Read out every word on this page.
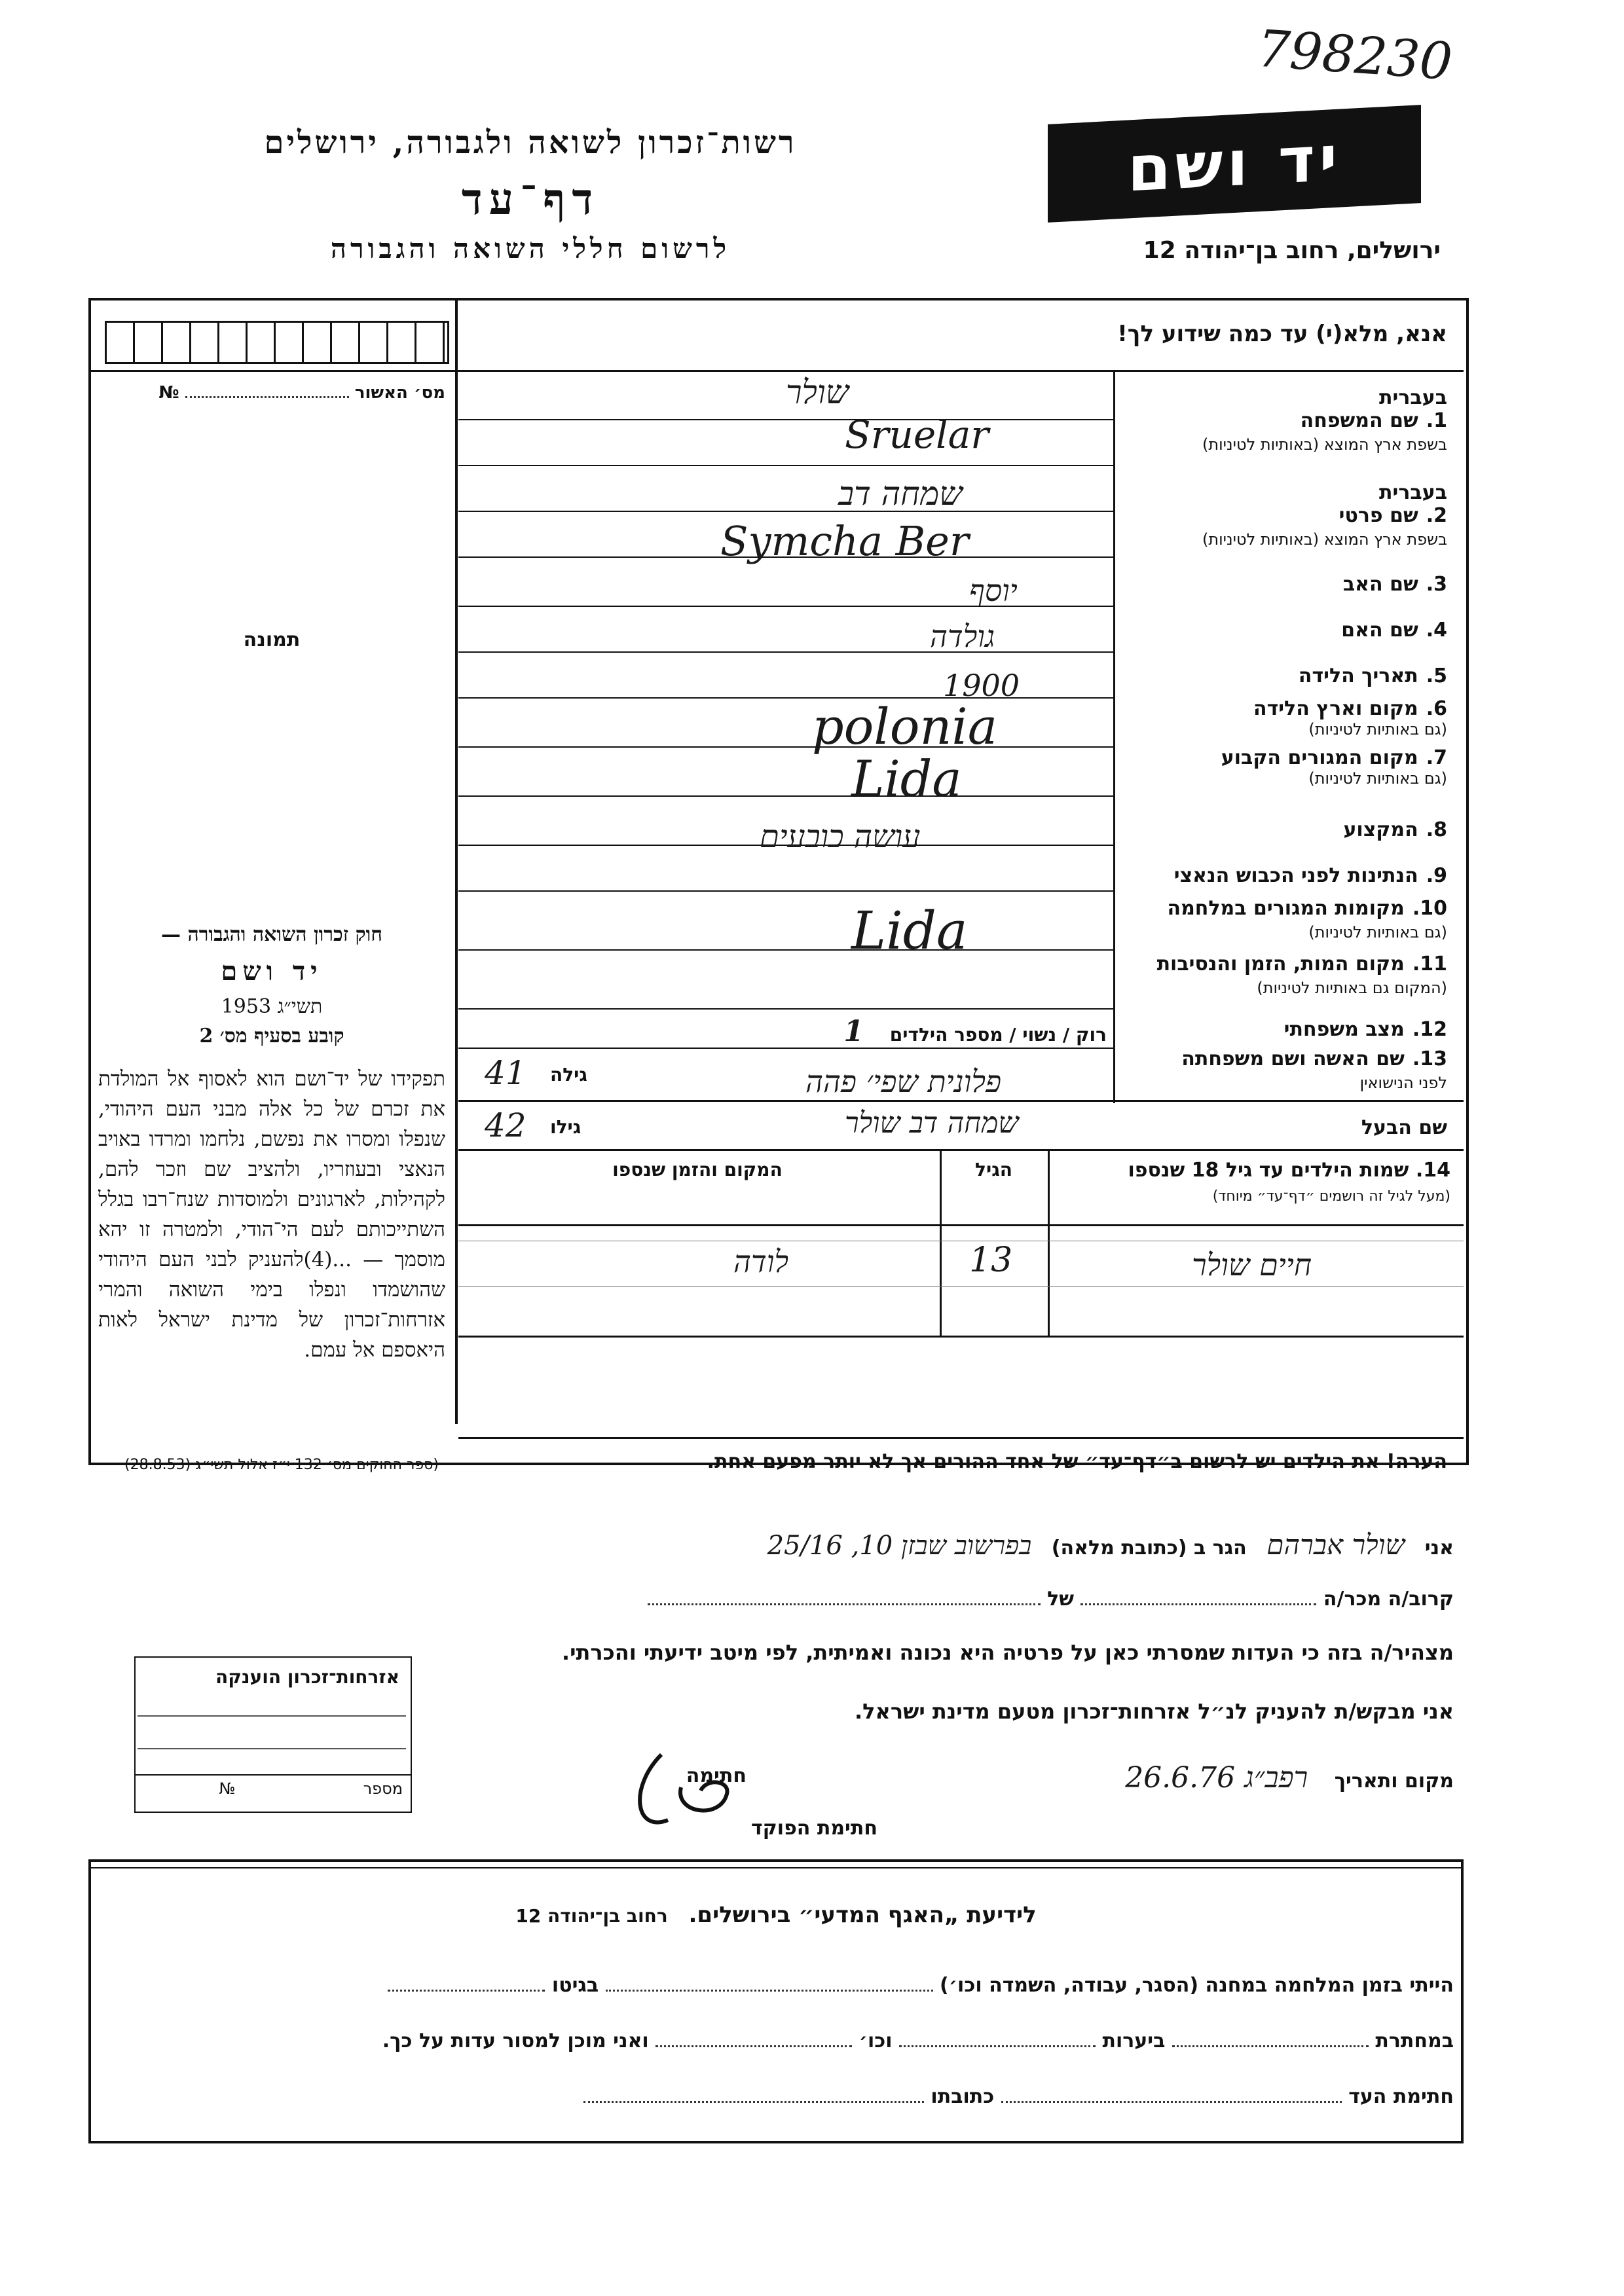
798230
רשות־זכרון לשואה ולגבורה, ירושלים
דף־עד
לרשום חללי השואה והגבורה
יד ושם
ירושלים, רחוב בן־יהודה 12
מס׳ האשור  №
תמונה
אנא, מלא(י) עד כמה שידוע לך!
בעברית
1.שם המשפחה
בשפת ארץ המוצא (באותיות לטיניות)
בעברית
2.שם פרטי
בשפת ארץ המוצא (באותיות לטיניות)
3.שם האב
4.שם האם
5.תאריך הלידה
6.מקום וארץ הלידה
(גם באותיות לטיניות)
7.מקום המגורים הקבוע
(גם באותיות לטיניות)
8.המקצוע
9.הנתינות לפני הכבוש הנאצי
10.מקומות המגורים במלחמה
(גם באותיות לטיניות)
11.מקום המות, הזמן והנסיבות
(המקום גם באותיות לטיניות)
12.מצב משפחתי
13.שם האשה ושם משפחתה
לפני הנישואין
שם הבעל
שולר
Sruelar
שמחה דב
Symcha Ber
יוסף
גולדה
1900
polonia
Lida
עושה כובעים
Lida
רוק / נשוי / מספר הילדים 1
גילה
41	פלונית שפי׳ פהה
גילו
42	שמחה דב שולר
14. שמות הילדים עד גיל 18 שנספו
(מעל לגיל זה רושמים ״דף־עד״ מיוחד)
הגיל
המקום והזמן שנספו
חיים שולר
13
לודה
הערה! את הילדים יש לרשום ב״דף־עד״ של אחד ההורים אך לא יותר מפעם אחת.
חוק זכרון השואה והגבורה —
יד ושם
תשי״ג 1953
קובע בסעיף מס׳ 2
תפקידו של יד־ושם הוא לאסוף אל המולדת את זכרם של כל אלה מבני העם היהודי, שנפלו ומסרו את נפשם, נלחמו ומרדו באויב הנאצי ובעוזריו, ולהציב שם וזכר להם, לקהילות, לארגונים ולמוסדות שנח־רבו בגלל השתייכותם לעם הי־הודי, ולמטרה זו יהא מוסמך — ...(4)להעניק לבני העם היהודי שהושמדו ונפלו בימי השואה והמרי אזרחות־זכרון של מדינת ישראל לאות היאספם אל עמם.
(ספר החוקים מס׳ 132 י״ז אלול תשי״ג (28.8.53)
אני שולר אברהם הגר ב (כתובת מלאה) בפרשוב שבזן 10, 25/16
קרוב/ה מכר/ה  של
מצהיר/ה בזה כי העדות שמסרתי כאן על פרטיה היא נכונה ואמיתית, לפי מיטב ידיעתי והכרתי.
אני מבקש/ת להעניק לנ״ל אזרחות־זכרון מטעם מדינת ישראל.
מקום ותאריך רפב״ג 26.6.76
חתימה
חתימת הפוקד
אזרחות־זכרון הוענקה
מספר  №
לידיעת „האגף המדעי״ בירושלים. רחוב בן־יהודה 12
הייתי בזמן המלחמה במחנה (הסגר, עבודה, השמדה וכו׳)  בגיטו
במחתרת  ביערות  וכו׳  ואני מוכן למסור עדות על כך.
חתימת העד  כתובתו
